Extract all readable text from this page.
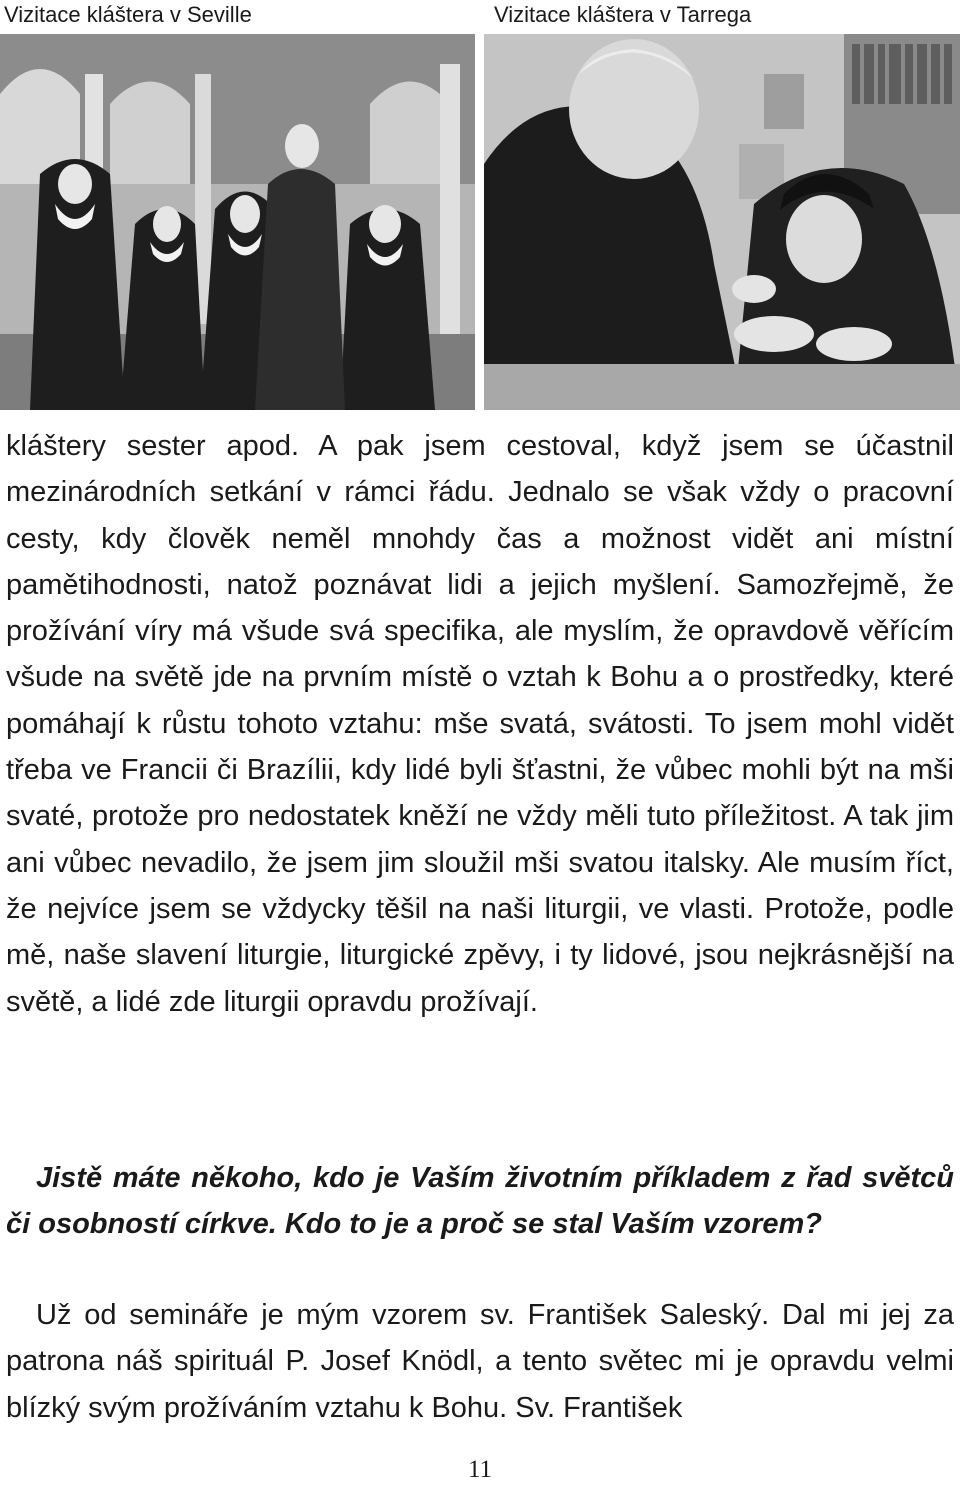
Vizitace kláštera v Seville	Vizitace kláštera v Tarrega

kláštery sester apod. A pak jsem cestoval, když jsem se účastnil mezinárodních setkání v rámci řádu. Jednalo se však vždy o pracovní cesty, kdy člověk neměl mnohdy čas a možnost vidět ani místní pamětihodnosti, natož poznávat lidi a jejich myšlení. Samozřejmě, že prožívání víry má všude svá specifika, ale myslím, že opravdově věřícím všude na světě jde na prvním místě o vztah k Bohu a o prostředky, které pomáhají k růstu tohoto vztahu: mše svatá, svátosti. To jsem mohl vidět třeba ve Francii či Brazílii, kdy lidé byli šťastni, že vůbec mohli být na mši svaté, protože pro nedostatek kněží ne vždy měli tuto příležitost. A tak jim ani vůbec nevadilo, že jsem jim sloužil mši svatou italsky. Ale musím říct, že nejvíce jsem se vždycky těšil na naši liturgii, ve vlasti. Protože, podle mě, naše slavení liturgie, liturgické zpěvy, i ty lidové, jsou nejkrásnější na světě, a lidé zde liturgii opravdu prožívají.

Jistě máte někoho, kdo je Vaším životním příkladem z řad světců či osobností církve. Kdo to je a proč se stal Vaším vzorem?

Už od semináře je mým vzorem sv. František Saleský. Dal mi jej za patrona náš spirituál P. Josef Knödl, a tento světec mi je opravdu velmi blízký svým prožíváním vztahu k Bohu. Sv. František

11
